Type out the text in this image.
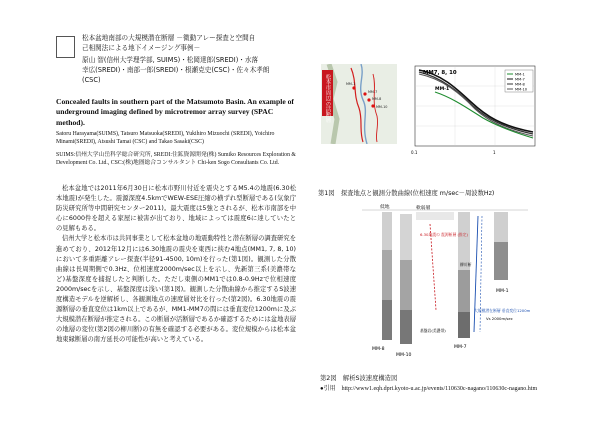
松本盆地南部の大規模潜在断層 －微動アレー探査と空間自
己相関法による地下イメージング事例－
原山 智(信州大学理学部, SUIMS)・松岡達郎(SREDI)・水落
幸広(SREDI)・南部一郎(SREDI)・根瀬克史(CSC)・佐々木孝朗
(CSC)
Concealed faults in southern part of the Matsumoto Basin. An example of underground imaging defined by microtremor array survey (SPAC method).
Satoru Harayama(SUIMS), Tatsuro Matsuoka(SREDI), Yukihiro Mizuochi (SREDI), Yoichiro Minami(SREDI), Atsushi Tamai (CSC) and Takao Sasaki(CSC)
SUIMS:信州大学山岳科学総合研究所, SREDI:住鉱資源開発(株) Sumiko Resources Exploration & Development Co. Ltd., CSC:(株)地圏総合コンサルタント Chi-ken Sogo Consultants Co. Ltd.

松本盆地では2011年6月30日に松本市野川付近を震央とするM5.4の地震(6.30松本地震)が発生した。震源深度4.5kmでWEW-ESE圧縮の横ずれ型断層である(気象庁防災研究所等中間研究センター2011)。最大震度は5強とされるが、松本市南部を中心に6000件を超える家屋に被害が出ており、地域によっては震度6に達していたとの見解もある。

信州大学と松本市は共同事業として松本盆地の地震動特性と潜在断層の調査研究を進めており、2012年12月には6.30地震の震央を東西に挟む4地点(MM1, 7, 8, 10)において多重距離アレー探査(半径91-4500, 10m)を行った(第1図)。観測した分散曲線は長周期側で0.3Hz、位相速度2000m/sec以上を示し、先新第三系(美濃帯など)基盤深度を捕捉したと判断した。ただし東側のMM1では0.8-0.9Hzで位相速度2000m/secを示し、基盤深度は浅い(第1図)。観測した分散曲線から推定するS波速度構造モデルを逆解析し、各観測地点の速度層対比を行った(第2図)。6.30地震の震源断層の垂直変位は1km以上であるが、MM1-MM7の間には垂直変位1200mに及ぶ大規模潜在断層が推定される。この断層が活断層であるか確認するためには盆地表層の地層の変位(第2図の柳川断)の有無を確認する必要がある。変位規模からは松本盆地東縁断層の南方延長の可能性が高いと考えている。

松本市周辺の活断層	MM-1
MM-7
MM-8
MM-10
MM7, 8, 10
MM-1
MM-1
MM-7
MM-8
MM-10
0.1	1
第1図　探査地点と観測分散曲線(位相速度 m/sec－周波数Hz)
低地	軟弱層
MM-8
MM-10
MM-7
MM-1
6.30地震の 震源断層 (推定)
柳川断
大規模潜在断層 垂直変位1200m
基盤岩(美濃帯)
Vs 2000m/sec
第2図　解析S波速度構造図
●引用　http://www1.eqh.dpri.kyoto-u.ac.jp/events/110630c-nagano/110630c-nagano.htm
